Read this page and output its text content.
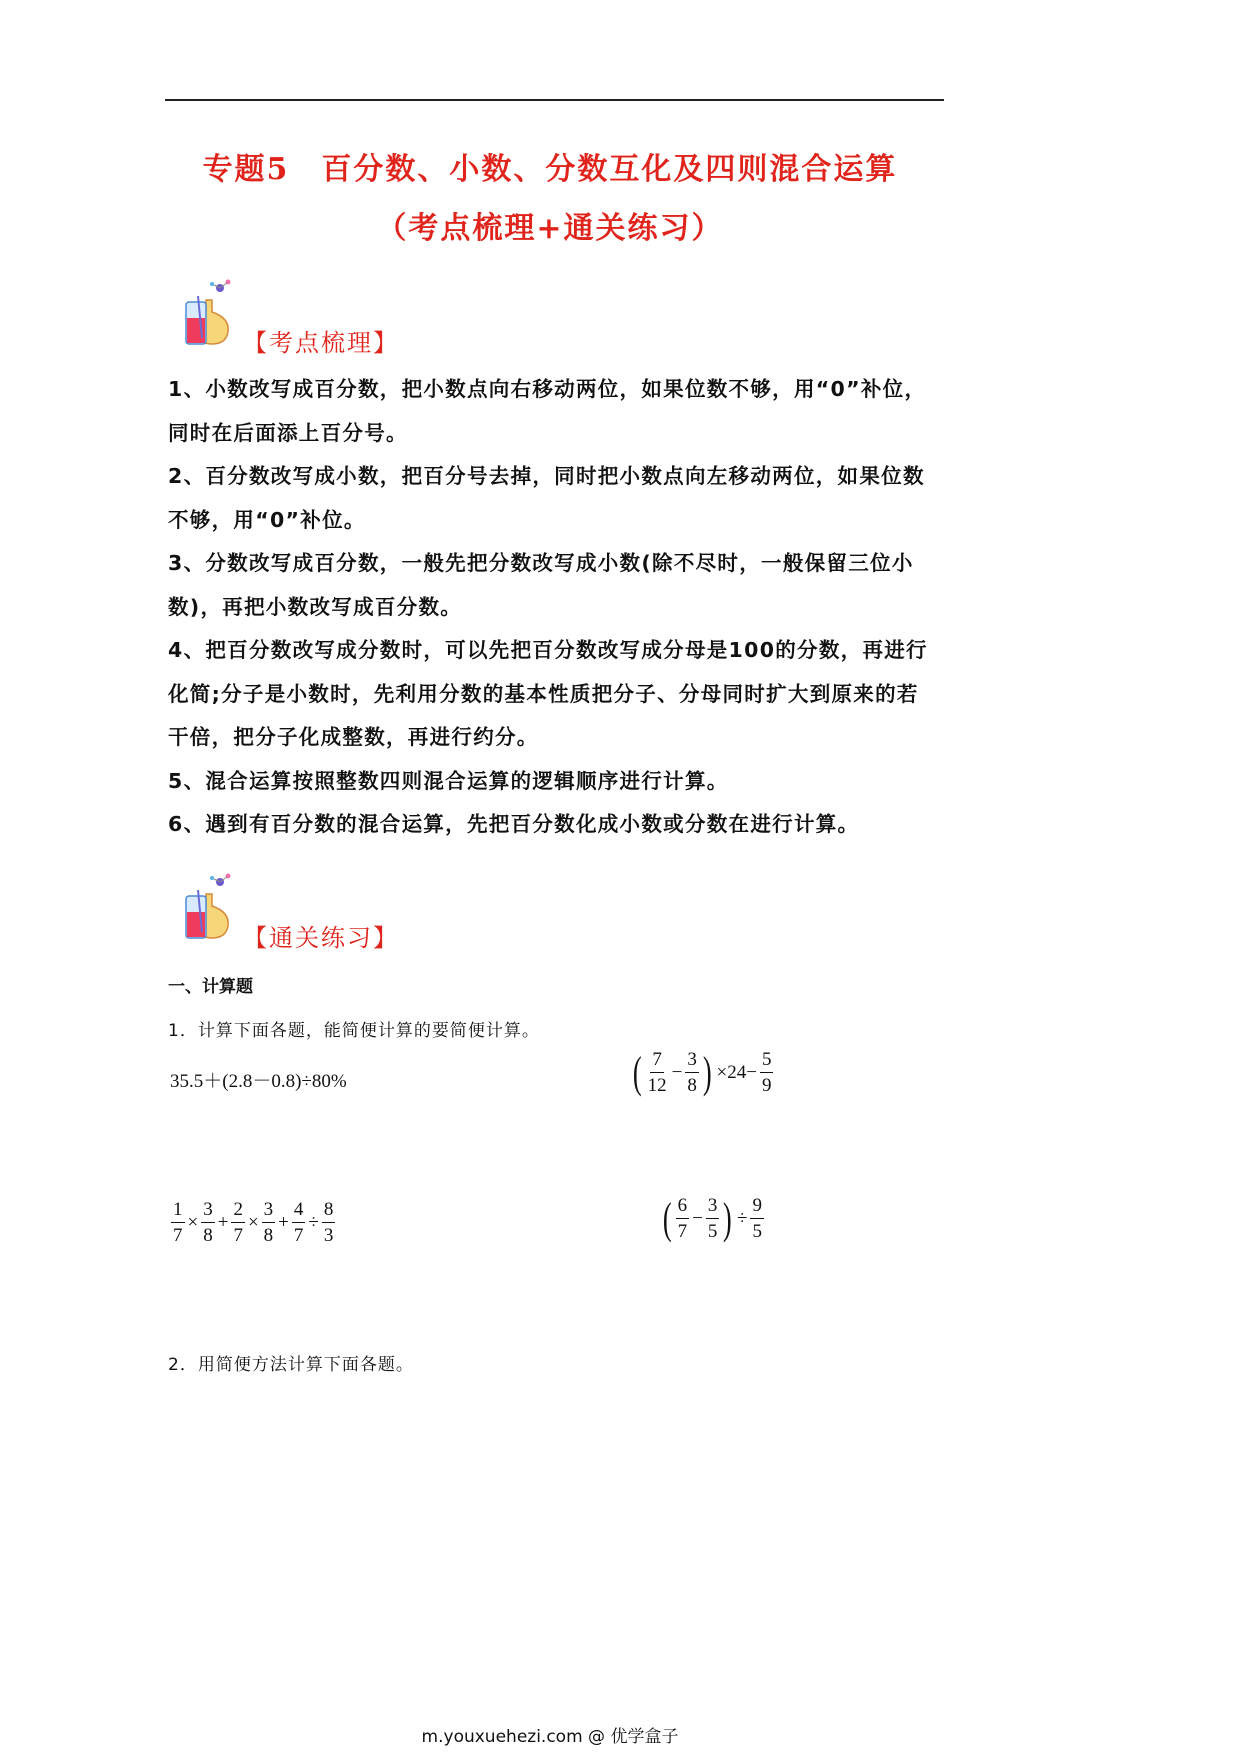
专题5　百分数、小数、分数互化及四则混合运算
（考点梳理+通关练习）
【考点梳理】

1、小数改写成百分数，把小数点向右移动两位，如果位数不够，用“0”补位，同时在后面添上百分号。

2、百分数改写成小数，把百分号去掉，同时把小数点向左移动两位，如果位数不够，用“0”补位。

3、分数改写成百分数，一般先把分数改写成小数(除不尽时，一般保留三位小数)，再把小数改写成百分数。

4、把百分数改写成分数时，可以先把百分数改写成分母是100的分数，再进行化简;分子是小数时，先利用分数的基本性质把分子、分母同时扩大到原来的若干倍，把分子化成整数，再进行约分。

5、混合运算按照整数四则混合运算的逻辑顺序进行计算。

6、遇到有百分数的混合运算，先把百分数化成小数或分数在进行计算。

【通关练习】
一、计算题
1．计算下面各题，能简便计算的要简便计算。
35.5＋(2.8－0.8)÷80%	( $\frac{7}{12} - \frac{3}{8}$ ) $\times 24- \frac{5}{9}$
$\frac{1}{7} \times \frac{3}{8} + \frac{2}{7} \times \frac{3}{8} + \frac{4}{7} \div \frac{8}{3}$	( $\frac{6}{7} - \frac{3}{5}$ ) ÷ $\frac{9}{5}$
2．用简便方法计算下面各题。
m.youxuehezi.com @ 优学盒子
